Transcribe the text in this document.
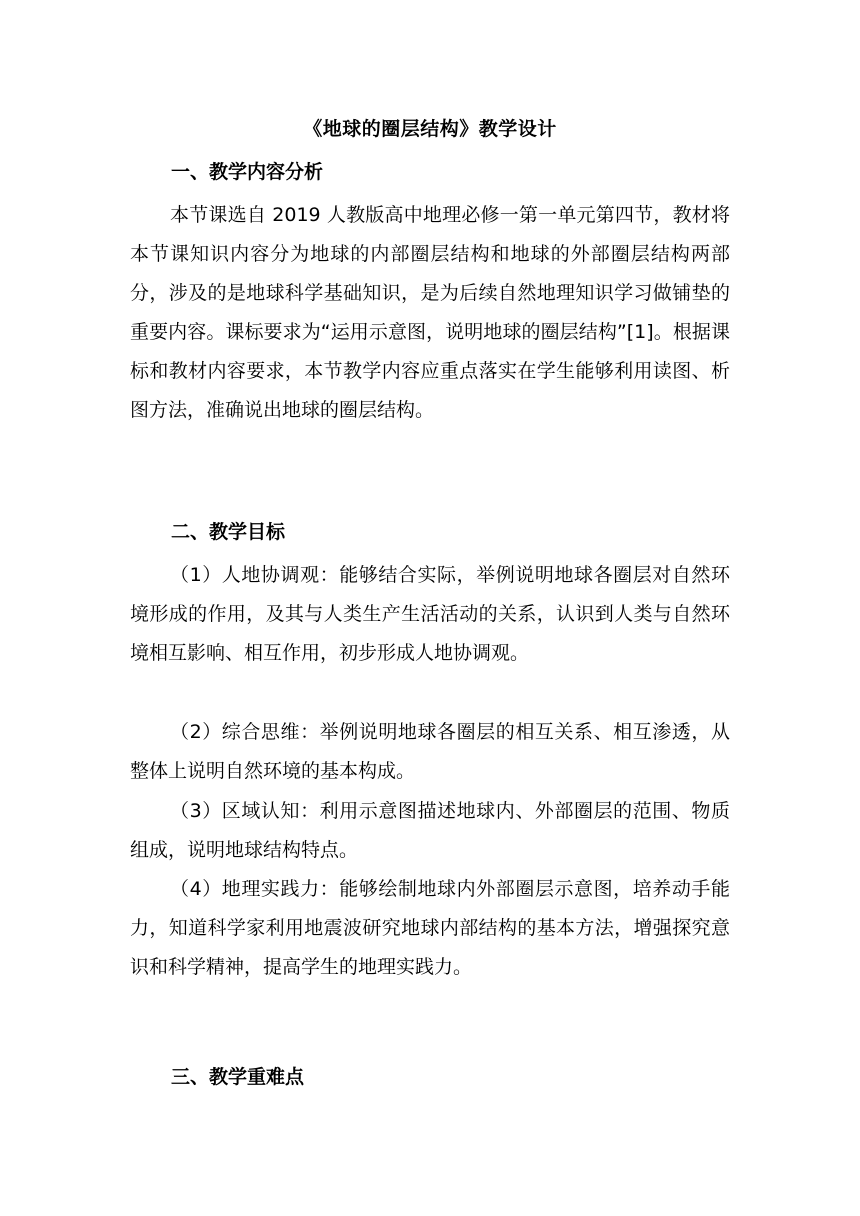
《地球的圈层结构》教学设计
一、教学内容分析

本节课选自 2019 人教版高中地理必修一第一单元第四节，教材将本节课知识内容分为地球的内部圈层结构和地球的外部圈层结构两部分，涉及的是地球科学基础知识，是为后续自然地理知识学习做铺垫的重要内容。课标要求为“运用示意图，说明地球的圈层结构”[1]。根据课标和教材内容要求，本节教学内容应重点落实在学生能够利用读图、析图方法，准确说出地球的圈层结构。

二、教学目标

（1）人地协调观：能够结合实际，举例说明地球各圈层对自然环境形成的作用，及其与人类生产生活活动的关系，认识到人类与自然环境相互影响、相互作用，初步形成人地协调观。

（2）综合思维：举例说明地球各圈层的相互关系、相互渗透，从整体上说明自然环境的基本构成。

（3）区域认知：利用示意图描述地球内、外部圈层的范围、物质组成，说明地球结构特点。

（4）地理实践力：能够绘制地球内外部圈层示意图，培养动手能力，知道科学家利用地震波研究地球内部结构的基本方法，增强探究意识和科学精神，提高学生的地理实践力。

三、教学重难点
